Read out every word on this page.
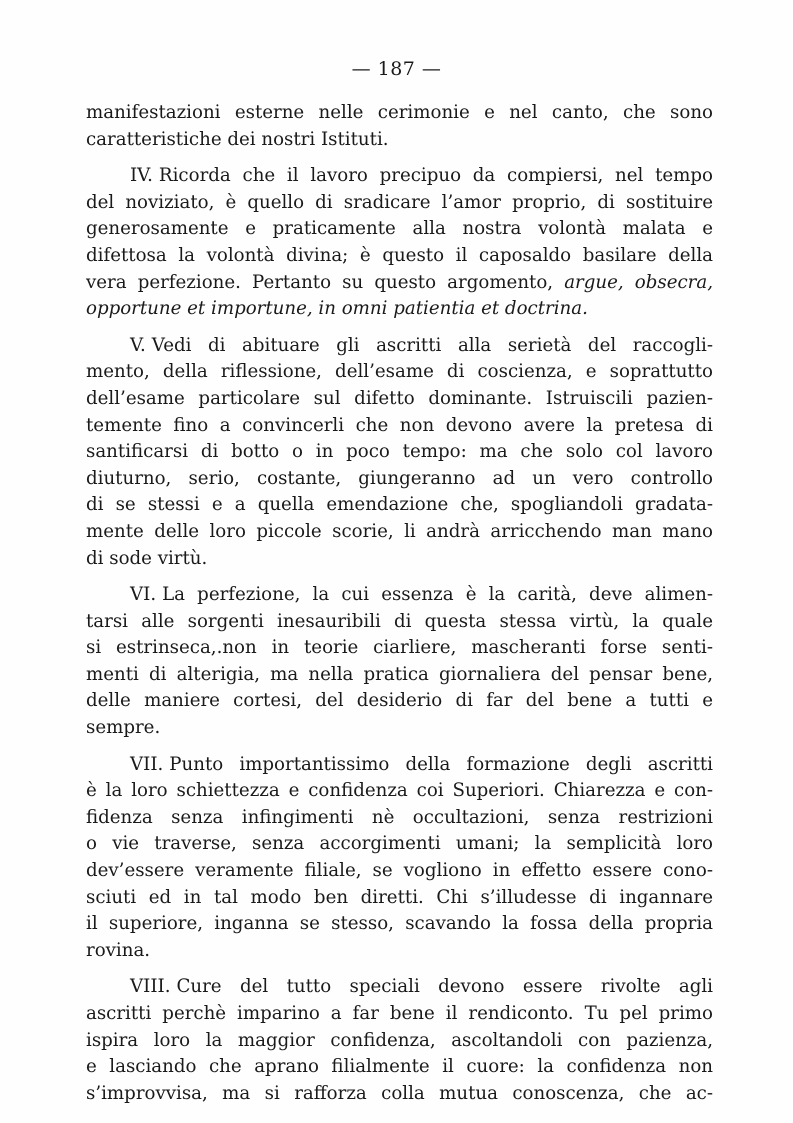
— 187 —

manifestazioni esterne nelle cerimonie e nel canto, che sono
caratteristiche dei nostri Istituti.

IV. Ricorda che il lavoro precipuo da compiersi, nel tempo
del noviziato, è quello di sradicare l’amor proprio, di sostituire
generosamente e praticamente alla nostra volontà malata e
difettosa la volontà divina; è questo il caposaldo basilare della
vera perfezione. Pertanto su questo argomento, argue, obsecra,
opportune et importune, in omni patientia et doctrina.

V. Vedi di abituare gli ascritti alla serietà del raccogli-
mento, della riflessione, dell’esame di coscienza, e soprattutto
dell’esame particolare sul difetto dominante. Istruiscili pazien-
temente fino a convincerli che non devono avere la pretesa di
santificarsi di botto o in poco tempo: ma che solo col lavoro
diuturno, serio, costante, giungeranno ad un vero controllo
di se stessi e a quella emendazione che, spogliandoli gradata-
mente delle loro piccole scorie, li andrà arricchendo man mano
di sode virtù.

VI. La perfezione, la cui essenza è la carità, deve alimen-
tarsi alle sorgenti inesauribili di questa stessa virtù, la quale
si estrinseca,.non in teorie ciarliere, mascheranti forse senti-
menti di alterigia, ma nella pratica giornaliera del pensar bene,
delle maniere cortesi, del desiderio di far del bene a tutti e
sempre.

VII. Punto importantissimo della formazione degli ascritti
è la loro schiettezza e confidenza coi Superiori. Chiarezza e con-
fidenza senza infingimenti nè occultazioni, senza restrizioni
o vie traverse, senza accorgimenti umani; la semplicità loro
dev’essere veramente filiale, se vogliono in effetto essere cono-
sciuti ed in tal modo ben diretti. Chi s’illudesse di ingannare
il superiore, inganna se stesso, scavando la fossa della propria
rovina.

VIII. Cure del tutto speciali devono essere rivolte agli
ascritti perchè imparino a far bene il rendiconto. Tu pel primo
ispira loro la maggior confidenza, ascoltandoli con pazienza,
e lasciando che aprano filialmente il cuore: la confidenza non
s’improvvisa, ma si rafforza colla mutua conoscenza, che ac-
